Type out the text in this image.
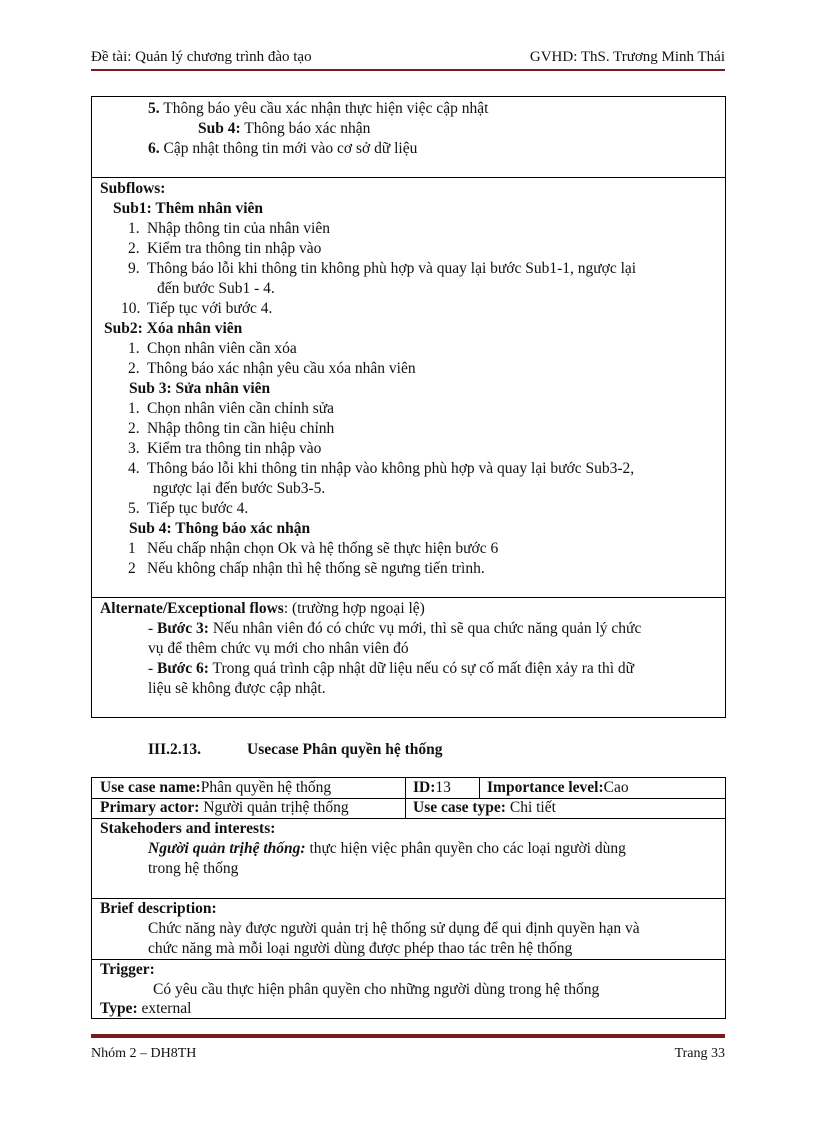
Đề tài: Quản lý chương trình đào tạo	GVHD: ThS. Trương Minh Thái
5. Thông báo yêu cầu xác nhận thực hiện việc cập nhật
Sub 4: Thông báo xác nhận
6. Cập nhật thông tin mới vào cơ sở dữ liệu
Subflows:
Sub1: Thêm nhân viên
1. Nhập thông tin của nhân viên
2. Kiểm tra thông tin nhập vào
9. Thông báo lỗi khi thông tin không phù hợp và quay lại bước Sub1-1, ngược lại
đến bước Sub1 - 4.
10. Tiếp tục với bước 4.
Sub2: Xóa nhân viên
1. Chọn nhân viên cần xóa
2. Thông báo xác nhận yêu cầu xóa nhân viên
Sub 3: Sửa nhân viên
1. Chọn nhân viên cần chỉnh sửa
2. Nhập thông tin cần hiệu chỉnh
3. Kiểm tra thông tin nhập vào
4. Thông báo lỗi khi thông tin nhập vào không phù hợp và quay lại bước Sub3-2,
ngược lại đến bước Sub3-5.
5. Tiếp tục bước 4.
Sub 4: Thông báo xác nhận
1 Nếu chấp nhận chọn Ok và hệ thống sẽ thực hiện bước 6
2 Nếu không chấp nhận thì hệ thống sẽ ngưng tiến trình.
Alternate/Exceptional flows: (trường hợp ngoại lệ)
- Bước 3: Nếu nhân viên đó có chức vụ mới, thì sẽ qua chức năng quản lý chức
vụ để thêm chức vụ mới cho nhân viên đó
- Bước 6: Trong quá trình cập nhật dữ liệu nếu có sự cố mất điện xảy ra thì dữ
liệu sẽ không được cập nhật.
III.2.13.	Usecase Phân quyền hệ thống
Use case name:Phân quyền hệ thống	ID:13 Importance level:Cao
Primary actor: Người quản trịhệ thống	Use case type: Chi tiết
Stakehoders and interests:
Người quản trịhệ thống: thực hiện việc phân quyền cho các loại người dùng
trong hệ thống
Brief description:
Chức năng này được người quản trị hệ thống sử dụng để qui định quyền hạn và
chức năng mà mỗi loại người dùng được phép thao tác trên hệ thống
Trigger:
Có yêu cầu thực hiện phân quyền cho những người dùng trong hệ thống
Type: external
Nhóm 2 – DH8TH	Trang 33
